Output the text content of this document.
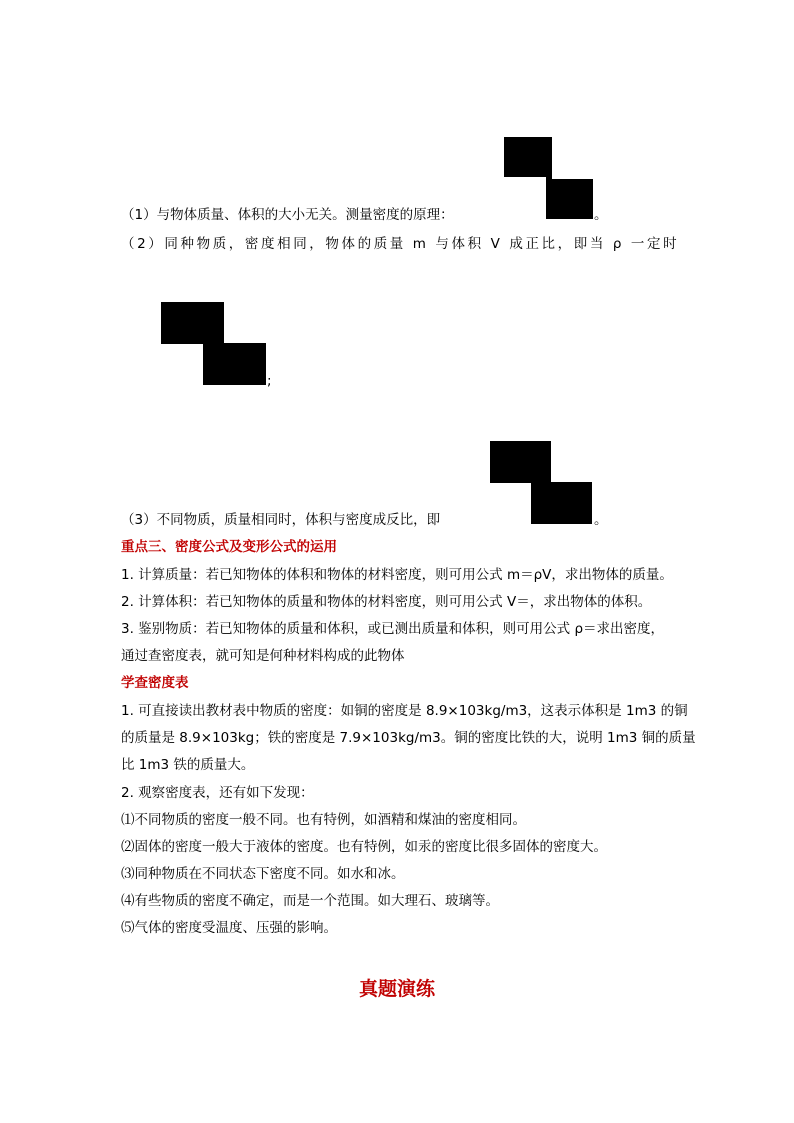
（1）与物体质量、体积的大小无关。测量密度的原理：	。
（2）同种物质，密度相同，物体的质量 m 与体积 V 成正比，即当 ρ 一定时
;
（3）不同物质，质量相同时，体积与密度成反比，即	。
重点三、密度公式及变形公式的运用
1. 计算质量：若已知物体的体积和物体的材料密度，则可用公式 m＝ρV，求出物体的质量。
2. 计算体积：若已知物体的质量和物体的材料密度，则可用公式 V＝，求出物体的体积。
3. 鉴别物质：若已知物体的质量和体积，或已测出质量和体积，则可用公式 ρ＝求出密度，
通过查密度表，就可知是何种材料构成的此物体
学查密度表
1. 可直接读出教材表中物质的密度：如铜的密度是 8.9×103kg/m3，这表示体积是 1m3 的铜
的质量是 8.9×103kg；铁的密度是 7.9×103kg/m3。铜的密度比铁的大，说明 1m3 铜的质量
比 1m3 铁的质量大。
2. 观察密度表，还有如下发现：
⑴不同物质的密度一般不同。也有特例，如酒精和煤油的密度相同。
⑵固体的密度一般大于液体的密度。也有特例，如汞的密度比很多固体的密度大。
⑶同种物质在不同状态下密度不同。如水和冰。
⑷有些物质的密度不确定，而是一个范围。如大理石、玻璃等。
⑸气体的密度受温度、压强的影响。
真题演练
